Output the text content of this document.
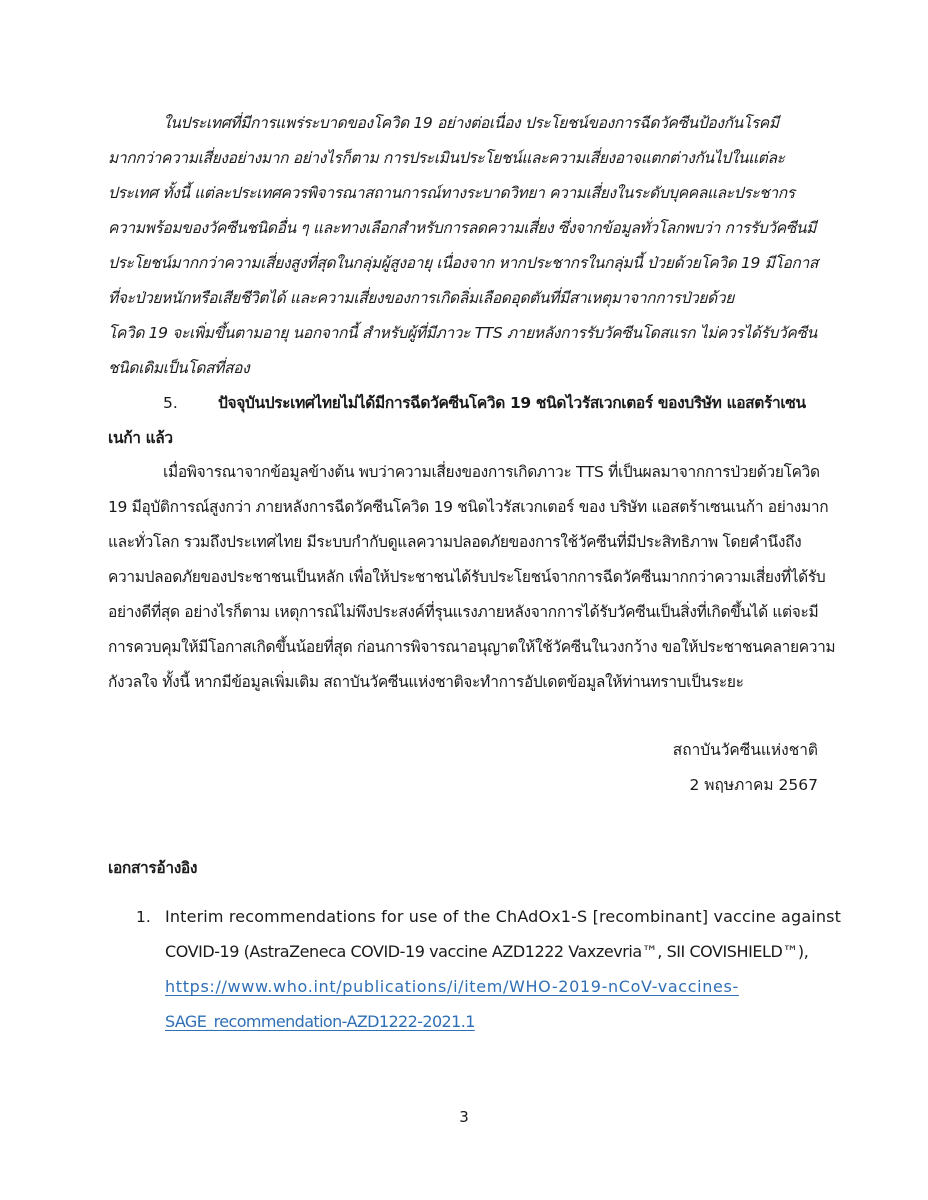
ในประเทศที่มีการแพร่ระบาดของโควิด 19 อย่างต่อเนื่อง ประโยชน์ของการฉีดวัคซีนป้องกันโรคมี
มากกว่าความเสี่ยงอย่างมาก อย่างไรก็ตาม การประเมินประโยชน์และความเสี่ยงอาจแตกต่างกันไปในแต่ละ
ประเทศ ทั้งนี้ แต่ละประเทศควรพิจารณาสถานการณ์ทางระบาดวิทยา ความเสี่ยงในระดับบุคคลและประชากร
ความพร้อมของวัคซีนชนิดอื่น ๆ และทางเลือกสำหรับการลดความเสี่ยง ซึ่งจากข้อมูลทั่วโลกพบว่า การรับวัคซีนมี
ประโยชน์มากกว่าความเสี่ยงสูงที่สุดในกลุ่มผู้สูงอายุ เนื่องจาก หากประชากรในกลุ่มนี้ ป่วยด้วยโควิด 19 มีโอกาส
ที่จะป่วยหนักหรือเสียชีวิตได้ และความเสี่ยงของการเกิดลิ่มเลือดอุดตันที่มีสาเหตุมาจากการป่วยด้วย
โควิด 19 จะเพิ่มขึ้นตามอายุ นอกจากนี้ สำหรับผู้ที่มีภาวะ TTS ภายหลังการรับวัคซีนโดสแรก ไม่ควรได้รับวัคซีน
ชนิดเดิมเป็นโดสที่สอง
5.	ปัจจุบันประเทศไทยไม่ได้มีการฉีดวัคซีนโควิด 19 ชนิดไวรัสเวกเตอร์ ของบริษัท แอสตร้าเซน
เนก้า แล้ว
เมื่อพิจารณาจากข้อมูลข้างต้น พบว่าความเสี่ยงของการเกิดภาวะ TTS ที่เป็นผลมาจากการป่วยด้วยโควิด
19 มีอุบัติการณ์สูงกว่า ภายหลังการฉีดวัคซีนโควิด 19 ชนิดไวรัสเวกเตอร์ ของ บริษัท แอสตร้าเซนเนก้า อย่างมาก
และทั่วโลก รวมถึงประเทศไทย มีระบบกำกับดูแลความปลอดภัยของการใช้วัคซีนที่มีประสิทธิภาพ โดยคำนึงถึง
ความปลอดภัยของประชาชนเป็นหลัก เพื่อให้ประชาชนได้รับประโยชน์จากการฉีดวัคซีนมากกว่าความเสี่ยงที่ได้รับ
อย่างดีที่สุด อย่างไรก็ตาม เหตุการณ์ไม่พึงประสงค์ที่รุนแรงภายหลังจากการได้รับวัคซีนเป็นสิ่งที่เกิดขึ้นได้ แต่จะมี
การควบคุมให้มีโอกาสเกิดขึ้นน้อยที่สุด ก่อนการพิจารณาอนุญาตให้ใช้วัคซีนในวงกว้าง ขอให้ประชาชนคลายความ
กังวลใจ ทั้งนี้ หากมีข้อมูลเพิ่มเติม สถาบันวัคซีนแห่งชาติจะทำการอัปเดตข้อมูลให้ท่านทราบเป็นระยะ
สถาบันวัคซีนแห่งชาติ
2 พฤษภาคม 2567
เอกสารอ้างอิง
1. Interim recommendations for use of the ChAdOx1-S [recombinant] vaccine against
COVID-19 (AstraZeneca COVID-19 vaccine AZD1222 Vaxzevria™, SII COVISHIELD™),
https://www.who.int/publications/i/item/WHO-2019-nCoV-vaccines-
SAGE_recommendation-AZD1222-2021.1
3
